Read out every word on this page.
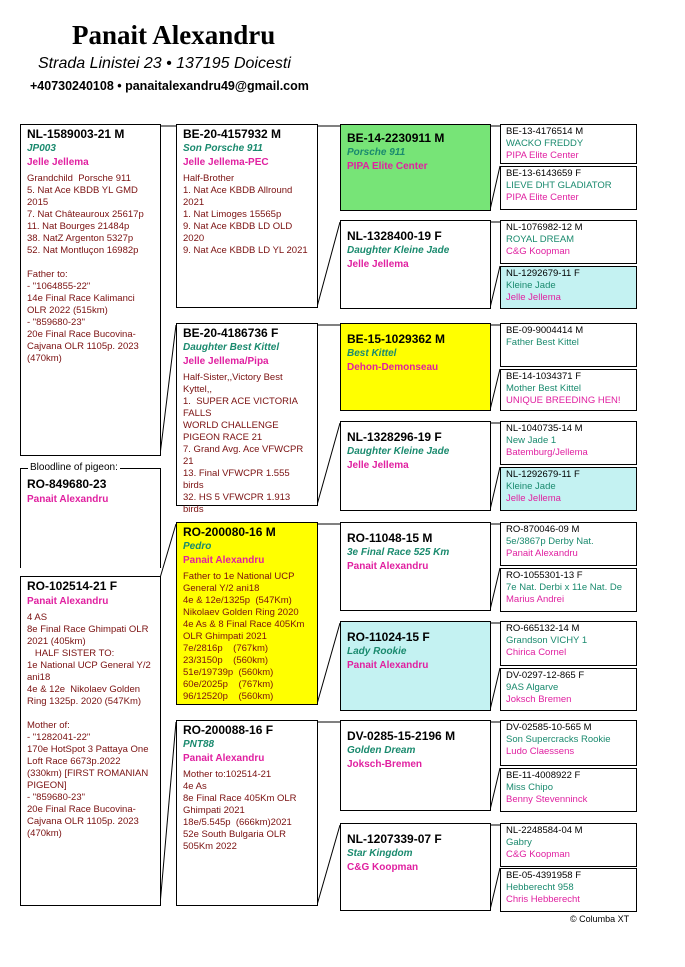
Panait Alexandru
Strada Linistei 23 • 137195 Doicesti
+40730240108 • panaitalexandru49@gmail.com
NL-1589003-21 M
JP003
Jelle Jellema
Grandchild  Porsche 911
5. Nat Ace KBDB YL GMD 2015
7. Nat Châteauroux 25617p
11. Nat Bourges 21484p
38. NatZ Argenton 5327p
52. Nat Montluçon 16982p

Father to:
- "1064855-22"
14e Final Race Kalimanci OLR 2022 (515km)
- "859680-23"
20e Final Race Bucovina-Cajvana OLR 1105p. 2023 (470km)
RO-849680-23
Panait Alexandru
Bloodline of pigeon:
RO-102514-21 F
Panait Alexandru
4 AS
8e Final Race Ghimpati OLR 2021 (405km)
HALF SISTER TO:
1e National UCP General Y/2 ani18
4e & 12e  Nikolaev Golden Ring 1325p. 2020 (547Km)

Mother of:
- "1282041-22"
170e HotSpot 3 Pattaya One Loft Race 6673p.2022 (330km) [FIRST ROMANIAN PIGEON]
- "859680-23"
20e Final Race Bucovina-Cajvana OLR 1105p. 2023 (470km)
BE-20-4157932 M
Son Porsche 911
Jelle Jellema-PEC
Half-Brother
1. Nat Ace KBDB Allround 2021
1. Nat Limoges 15565p
9. Nat Ace KBDB LD OLD 2020
9. Nat Ace KBDB LD YL 2021
BE-20-4186736 F
Daughter Best Kittel
Jelle Jellema/Pipa
Half-Sister,,Victory Best Kyttel,,
1.  SUPER ACE VICTORIA FALLS
WORLD CHALLENGE PIGEON RACE 21
7. Grand Avg. Ace VFWCPR 21
13. Final VFWCPR 1.555 birds
32. HS 5 VFWCPR 1.913 birds
RO-200080-16 M
Pedro
Panait Alexandru
Father to 1e National UCP General Y/2 ani18
4e & 12e/1325p  (547Km)
Nikolaev Golden Ring 2020
4e As & 8 Final Race 405Km OLR Ghimpati 2021
7e/2816p    (767km)
23/3150p    (560km)
51e/19739p  (560km)
60e/2025p    (767km)
96/12520p    (560km)
RO-200088-16 F
PNT88
Panait Alexandru
Mother to:102514-21
4e As
8e Final Race 405Km OLR Ghimpati 2021
18e/5.545p  (666km)2021
52e South Bulgaria OLR 505Km 2022
BE-14-2230911 M
Porsche 911
PIPA Elite Center
NL-1328400-19 F
Daughter Kleine Jade
Jelle Jellema
BE-15-1029362 M
Best Kittel
Dehon-Demonseau
NL-1328296-19 F
Daughter Kleine Jade
Jelle Jellema
RO-11048-15 M
3e Final Race 525 Km
Panait Alexandru
RO-11024-15 F
Lady Rookie
Panait Alexandru
DV-0285-15-2196 M
Golden Dream
Joksch-Bremen
NL-1207339-07 F
Star Kingdom
C&G Koopman
BE-13-4176514 M
WACKO FREDDY
PIPA Elite Center
BE-13-6143659 F
LIEVE DHT GLADIATOR
PIPA Elite Center
NL-1076982-12 M
ROYAL DREAM
C&G Koopman
NL-1292679-11 F
Kleine Jade
Jelle Jellema
BE-09-9004414 M
Father Best Kittel
BE-14-1034371 F
Mother Best Kittel
UNIQUE BREEDING HEN!
NL-1040735-14 M
New Jade 1
Batemburg/Jellema
NL-1292679-11 F
Kleine Jade
Jelle Jellema
RO-870046-09 M
5e/3867p Derby Nat.
Panait Alexandru
RO-1055301-13 F
7e Nat. Derbi x 11e Nat. De
Marius Andrei
RO-665132-14 M
Grandson VICHY 1
Chirica Cornel
DV-0297-12-865 F
9AS Algarve
Joksch Bremen
DV-02585-10-565 M
Son Supercracks Rookie
Ludo Claessens
BE-11-4008922 F
Miss Chipo
Benny Stevenninck
NL-2248584-04 M
Gabry
C&G Koopman
BE-05-4391958 F
Hebberecht 958
Chris Hebberecht
© Columba XT
